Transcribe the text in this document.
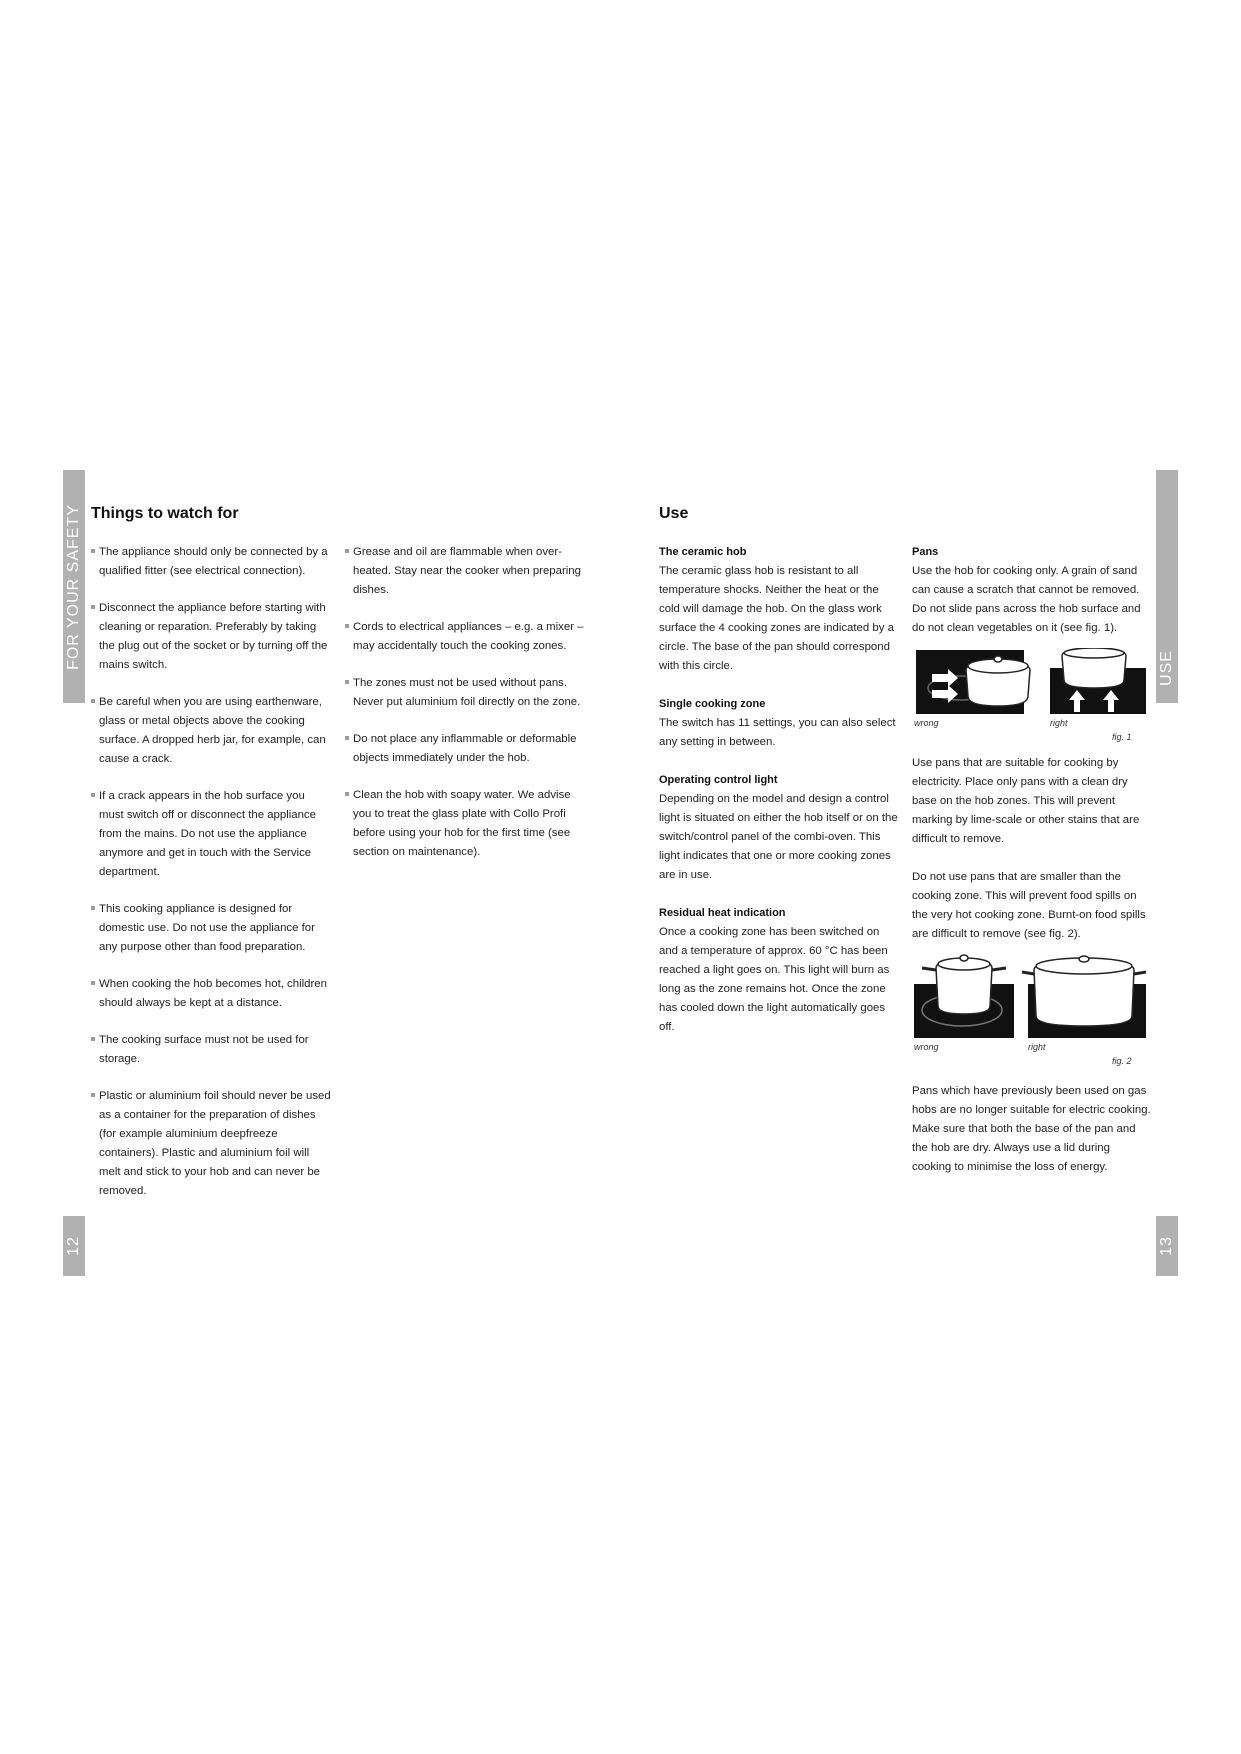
FOR YOUR SAFETY
12
USE
13
Things to watch for	Use
The appliance should only be connected by a qualified fitter (see electrical connection).
Disconnect the appliance before starting with cleaning or reparation. Preferably by taking the plug out of the socket or by turning off the mains switch.
Be careful when you are using earthenware, glass or metal objects above the cooking surface. A dropped herb jar, for example, can cause a crack.
If a crack appears in the hob surface you must switch off or disconnect the appliance from the mains. Do not use the appliance anymore and get in touch with the Service department.
This cooking appliance is designed for domestic use. Do not use the appliance for any purpose other than food preparation.
When cooking the hob becomes hot, children should always be kept at a distance.
The cooking surface must not be used for storage.
Plastic or aluminium foil should never be used as a container for the preparation of dishes (for example aluminium deepfreeze containers). Plastic and aluminium foil will melt and stick to your hob and can never be removed.
Grease and oil are flammable when over-heated. Stay near the cooker when preparing dishes.
Cords to electrical appliances – e.g. a mixer – may accidentally touch the cooking zones.
The zones must not be used without pans. Never put aluminium foil directly on the zone.
Do not place any inflammable or deformable objects immediately under the hob.
Clean the hob with soapy water. We advise you to treat the glass plate with Collo Profi before using your hob for the first time (see section on maintenance).
The ceramic hob

The ceramic glass hob is resistant to all temperature shocks. Neither the heat or the cold will damage the hob. On the glass work surface the 4 cooking zones are indicated by a circle. The base of the pan should correspond with this circle.

Single cooking zone

The switch has 11 settings, you can also select any setting in between.

Operating control light

Depending on the model and design a control light is situated on either the hob itself or on the switch/control panel of the combi-oven. This light indicates that one or more cooking zones are in use.

Residual heat indication

Once a cooking zone has been switched on and a temperature of approx. 60 °C has been reached a light goes on. This light will burn as long as the zone remains hot. Once the zone has cooled down the light automatically goes off.

Pans

Use the hob for cooking only. A grain of sand can cause a scratch that cannot be removed. Do not slide pans across the hob surface and do not clean vegetables on it (see fig. 1).

wrong	right
fig. 1

Use pans that are suitable for cooking by electricity. Place only pans with a clean dry base on the hob zones. This will prevent marking by lime-scale or other stains that are difficult to remove.

Do not use pans that are smaller than the cooking zone. This will prevent food spills on the very hot cooking zone. Burnt-on food spills are difficult to remove (see fig. 2).

wrong	right
fig. 2

Pans which have previously been used on gas hobs are no longer suitable for electric cooking. Make sure that both the base of the pan and the hob are dry. Always use a lid during cooking to minimise the loss of energy.
